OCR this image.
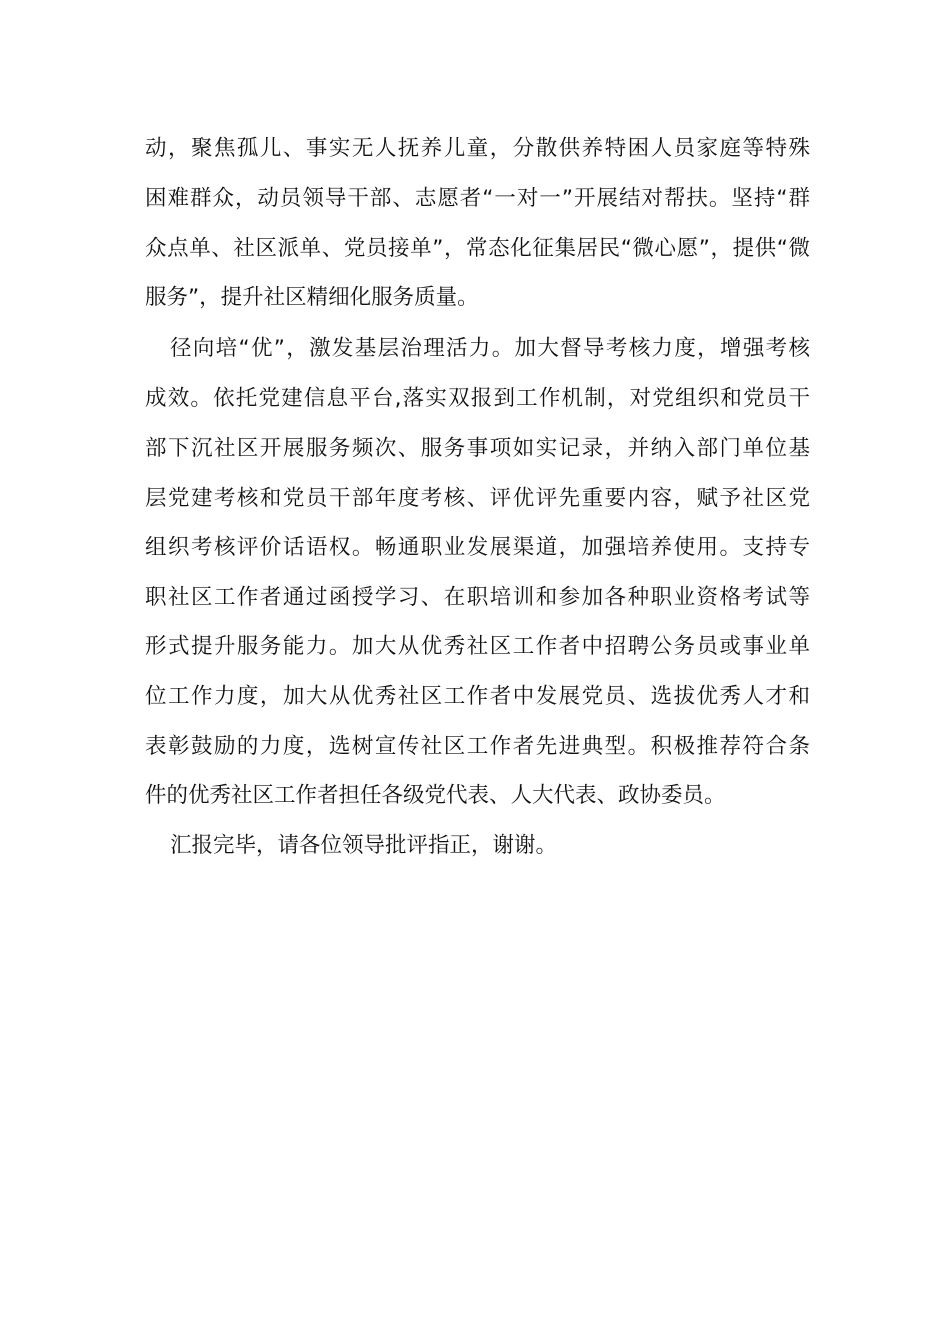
动，聚焦孤儿、事实无人抚养儿童，分散供养特困人员家庭等特殊
困难群众，动员领导干部、志愿者“一对一”开展结对帮扶。坚持“群
众点单、社区派单、党员接单”，常态化征集居民“微心愿”，提供“微
服务”，提升社区精细化服务质量。
径向培“优”，激发基层治理活力。加大督导考核力度，增强考核
成效。依托党建信息平台,落实双报到工作机制，对党组织和党员干
部下沉社区开展服务频次、服务事项如实记录，并纳入部门单位基
层党建考核和党员干部年度考核、评优评先重要内容，赋予社区党
组织考核评价话语权。畅通职业发展渠道，加强培养使用。支持专
职社区工作者通过函授学习、在职培训和参加各种职业资格考试等
形式提升服务能力。加大从优秀社区工作者中招聘公务员或事业单
位工作力度，加大从优秀社区工作者中发展党员、选拔优秀人才和
表彰鼓励的力度，选树宣传社区工作者先进典型。积极推荐符合条
件的优秀社区工作者担任各级党代表、人大代表、政协委员。
汇报完毕，请各位领导批评指正，谢谢。
